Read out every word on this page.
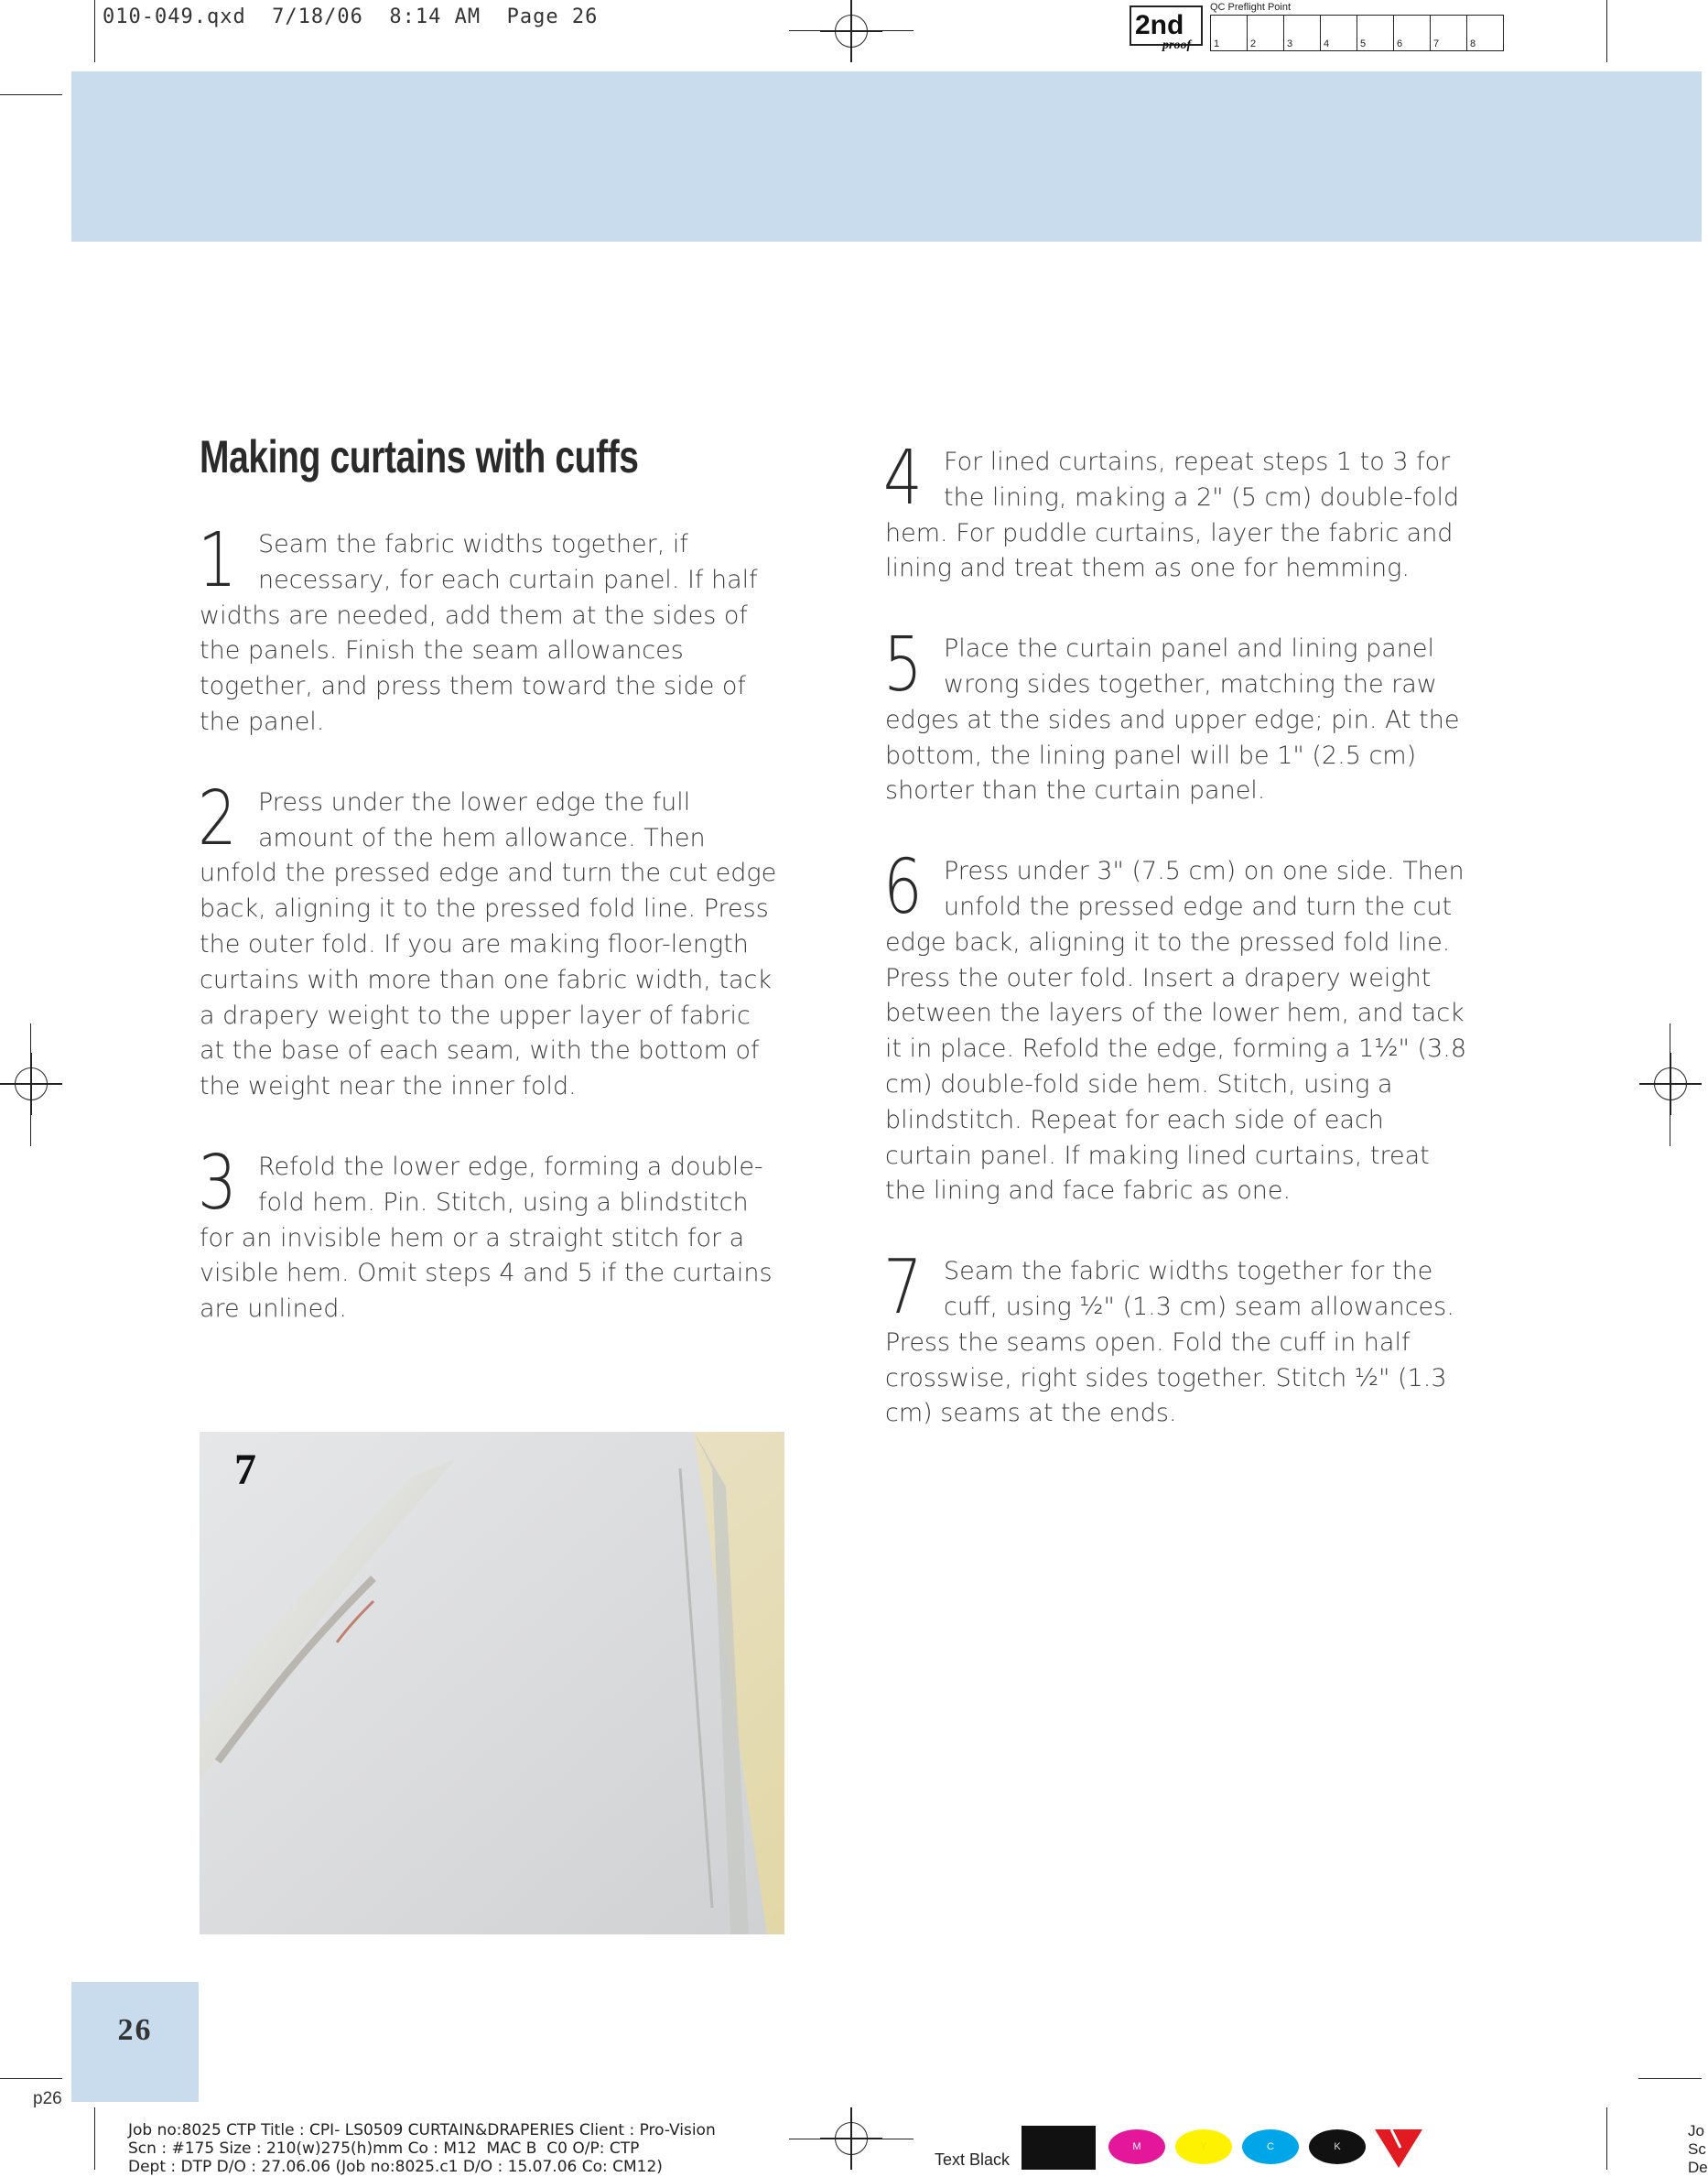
010-049.qxd  7/18/06  8:14 AM  Page 26	2nd
proof
QC Preflight Point
1	2	3	4	5	6	7	8
Making curtains with cuffs

1 Seam the fabric widths together, if necessary, for each curtain panel. If half widths are needed, add them at the sides of the panels. Finish the seam allowances together, and press them toward the side of the panel.

2 Press under the lower edge the full amount of the hem allowance. Then unfold the pressed edge and turn the cut edge back, aligning it to the pressed fold line. Press the outer fold. If you are making floor-length curtains with more than one fabric width, tack a drapery weight to the upper layer of fabric at the base of each seam, with the bottom of the weight near the inner fold.

3 Refold the lower edge, forming a double-fold hem. Pin. Stitch, using a blindstitch for an invisible hem or a straight stitch for a visible hem. Omit steps 4 and 5 if the curtains are unlined.

4 For lined curtains, repeat steps 1 to 3 for the lining, making a 2" (5 cm) double-fold hem. For puddle curtains, layer the fabric and lining and treat them as one for hemming.

5 Place the curtain panel and lining panel wrong sides together, matching the raw edges at the sides and upper edge; pin. At the bottom, the lining panel will be 1" (2.5 cm) shorter than the curtain panel.

6 Press under 3" (7.5 cm) on one side. Then unfold the pressed edge and turn the cut edge back, aligning it to the pressed fold line. Press the outer fold. Insert a drapery weight between the layers of the lower hem, and tack it in place. Refold the edge, forming a 1½" (3.8 cm) double-fold side hem. Stitch, using a blindstitch. Repeat for each side of each curtain panel. If making lined curtains, treat the lining and face fabric as one.

7 Seam the fabric widths together for the cuff, using ½" (1.3 cm) seam allowances. Press the seams open. Fold the cuff in half crosswise, right sides together. Stitch ½" (1.3 cm) seams at the ends.

7
26
p26
Job no:8025 CTP Title : CPI- LS0509 CURTAIN&DRAPERIES Client : Pro-Vision
Scn : #175 Size : 210(w)275(h)mm Co : M12  MAC B  C0 O/P: CTP
Dept : DTP D/O : 27.06.06 (Job no:8025.c1 D/O : 15.07.06 Co: CM12)	Text Black
M	Y	C	K
Jo
Sc
De
